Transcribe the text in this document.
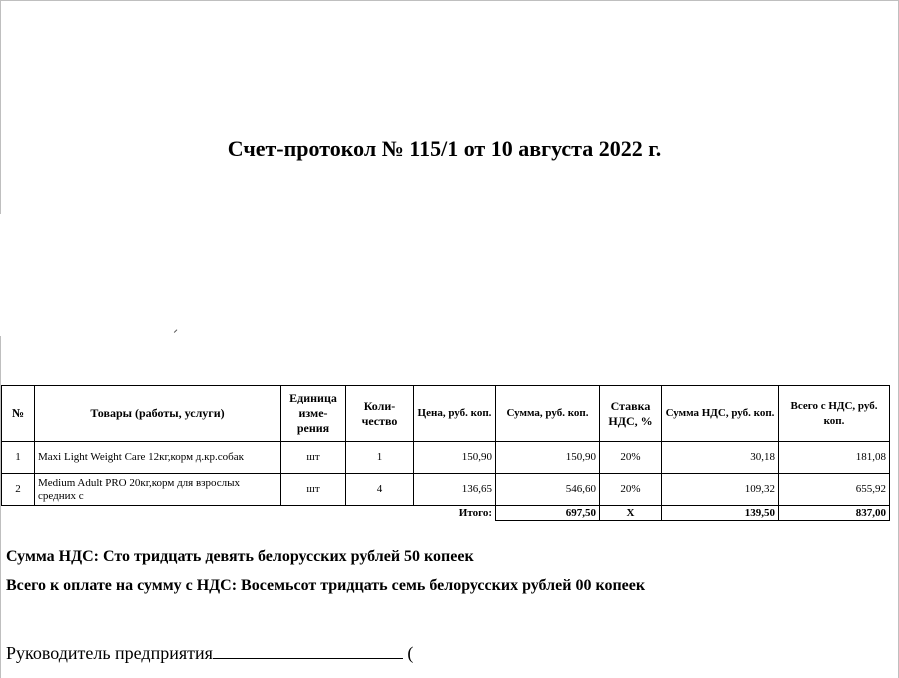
Счет-протокол № 115/1 от 10 августа 2022 г.
№	Товары (работы, услуги)	Единица изме-рения	Коли-чество	Цена, руб. коп.	Сумма, руб. коп.	Ставка НДС, %	Сумма НДС, руб. коп.	Всего с НДС, руб. коп.
1	Maxi Light Weight Care 12кг,корм д.кр.собак	шт	1	150,90	150,90	20%	30,18	181,08
2	Medium Adult PRO 20кг,корм для взрослых средних с	шт	4	136,65	546,60	20%	109,32	655,92
				Итого:	697,50	X	139,50	837,00
Сумма НДС: Сто тридцать девять белорусских рублей 50 копеек
Всего к оплате на сумму с НДС: Восемьсот тридцать семь белорусских рублей 00 копеек
Руководитель предприятия	(
